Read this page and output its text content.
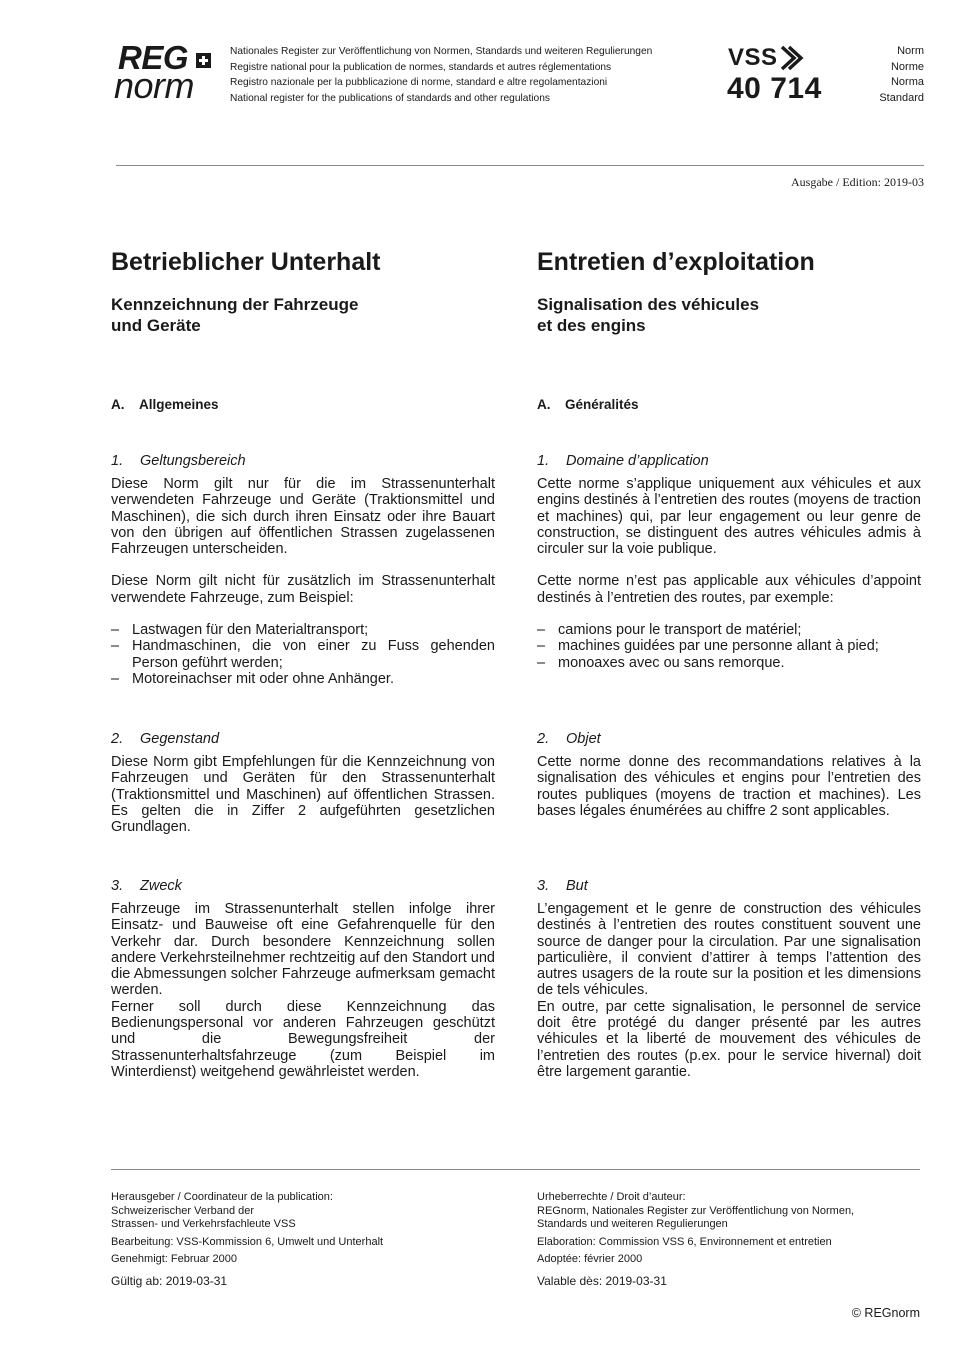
REG
norm
Nationales Register zur Veröffentlichung von Normen, Standards und weiteren Regulierungen
Registre national pour la publication de normes, standards et autres réglementations
Registro nazionale per la pubblicazione di norme, standard e altre regolamentazioni
National register for the publications of standards and other regulations
VSS
40 714
Norm
Norme
Norma
Standard
Ausgabe / Edition: 2019-03
Betrieblicher Unterhalt
Kennzeichnung der Fahrzeuge
und Geräte
A. Allgemeines
1. Geltungsbereich

Diese Norm gilt nur für die im Strassenunterhalt verwendeten Fahrzeuge und Geräte (Traktionsmittel und Maschinen), die sich durch ihren Einsatz oder ihre Bauart von den übrigen auf öffentlichen Strassen zugelassenen Fahrzeugen unterscheiden.

Diese Norm gilt nicht für zusätzlich im Strassenunterhalt verwendete Fahrzeuge, zum Beispiel:

– Lastwagen für den Materialtransport;
– Handmaschinen, die von einer zu Fuss gehenden Person geführt werden;
– Motoreinachser mit oder ohne Anhänger.
2. Gegenstand

Diese Norm gibt Empfehlungen für die Kennzeichnung von Fahrzeugen und Geräten für den Strassenunterhalt (Traktionsmittel und Maschinen) auf öffentlichen Strassen. Es gelten die in Ziffer 2 aufgeführten gesetzlichen Grundlagen.

3. Zweck

Fahrzeuge im Strassenunterhalt stellen infolge ihrer Einsatz- und Bauweise oft eine Gefahrenquelle für den Verkehr dar. Durch besondere Kennzeichnung sollen andere Verkehrsteilnehmer rechtzeitig auf den Standort und die Abmessungen solcher Fahrzeuge aufmerksam gemacht werden.

Ferner soll durch diese Kennzeichnung das Bedienungspersonal vor anderen Fahrzeugen geschützt und die Bewegungsfreiheit der Strassenunterhaltsfahrzeuge (zum Beispiel im Winterdienst) weitgehend gewährleistet werden.

Entretien d’exploitation
Signalisation des véhicules
et des engins
A. Généralités
1. Domaine d’application

Cette norme s’applique uniquement aux véhicules et aux engins destinés à l’entretien des routes (moyens de traction et machines) qui, par leur engagement ou leur genre de construction, se distinguent des autres véhicules admis à circuler sur la voie publique.

Cette norme n’est pas applicable aux véhicules d’appoint destinés à l’entretien des routes, par exemple:

– camions pour le transport de matériel;
– machines guidées par une personne allant à pied;
– monoaxes avec ou sans remorque.
2. Objet

Cette norme donne des recommandations relatives à la signalisation des véhicules et engins pour l’entretien des routes publiques (moyens de traction et machines). Les bases légales énumérées au chiffre 2 sont applicables.

3. But

L’engagement et le genre de construction des véhicules destinés à l’entretien des routes constituent souvent une source de danger pour la circulation. Par une signalisation particulière, il convient d’attirer à temps l’attention des autres usagers de la route sur la position et les dimensions de tels véhicules.

En outre, par cette signalisation, le personnel de service doit être protégé du danger présenté par les autres véhicules et la liberté de mouvement des véhicules de l’entretien des routes (p.ex. pour le service hivernal) doit être largement garantie.

Herausgeber / Coordinateur de la publication:
Schweizerischer Verband der
Strassen- und Verkehrsfachleute VSS
Bearbeitung: VSS-Kommission 6, Umwelt und Unterhalt
Genehmigt: Februar 2000
Gültig ab: 2019-03-31
Urheberrechte / Droit d’auteur:
REGnorm, Nationales Register zur Veröffentlichung von Normen,
Standards und weiteren Regulierungen
Elaboration: Commission VSS 6, Environnement et entretien
Adoptée: février 2000
Valable dès: 2019-03-31
© REGnorm
